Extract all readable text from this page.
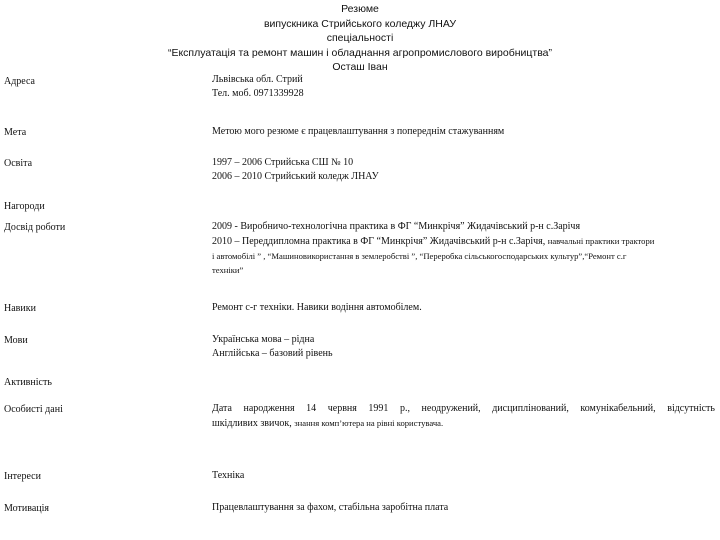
Резюме
випускника Стрийського коледжу ЛНАУ
спеціальності
“Експлуатація та ремонт машин і обладнання агропромислового виробництва”
Осташ Іван
Адреса	Львівська обл. Стрий
Тел. моб. 0971339928
Мета	Метою мого резюме є працевлаштування з попереднім стажуванням
Освіта	1997 – 2006 Стрийська СШ № 10
2006 – 2010 Стрийський коледж ЛНАУ
Нагороди
Досвід роботи	2009 - Виробничо-технологічна практика в ФГ “Минкрічя” Жидачівський р-н с.Зарічя
2010 – Переддипломна практика в ФГ “Минкрічя” Жидачівський р-н с.Зарічя, навчальні практики трактори
і автомобілі ” , “Машиновикористання в землеробстві ”, “Переробка сільськогосподарських культур”,“Ремонт с.г
техніки”
Навики	Ремонт с-г техніки. Навики водіння автомобілем.
Мови	Українська мова – рідна
Англійська – базовий рівень
Активність
Особисті дані	Дата народження 14 червня 1991 р., неодружений, дисциплінований, комунікабельний, відсутність
шкідливих звичок, знання комп’ютера на рівні користувача.
Інтереси	Техніка
Мотивація	Працевлаштування за фахом, стабільна заробітна плата
